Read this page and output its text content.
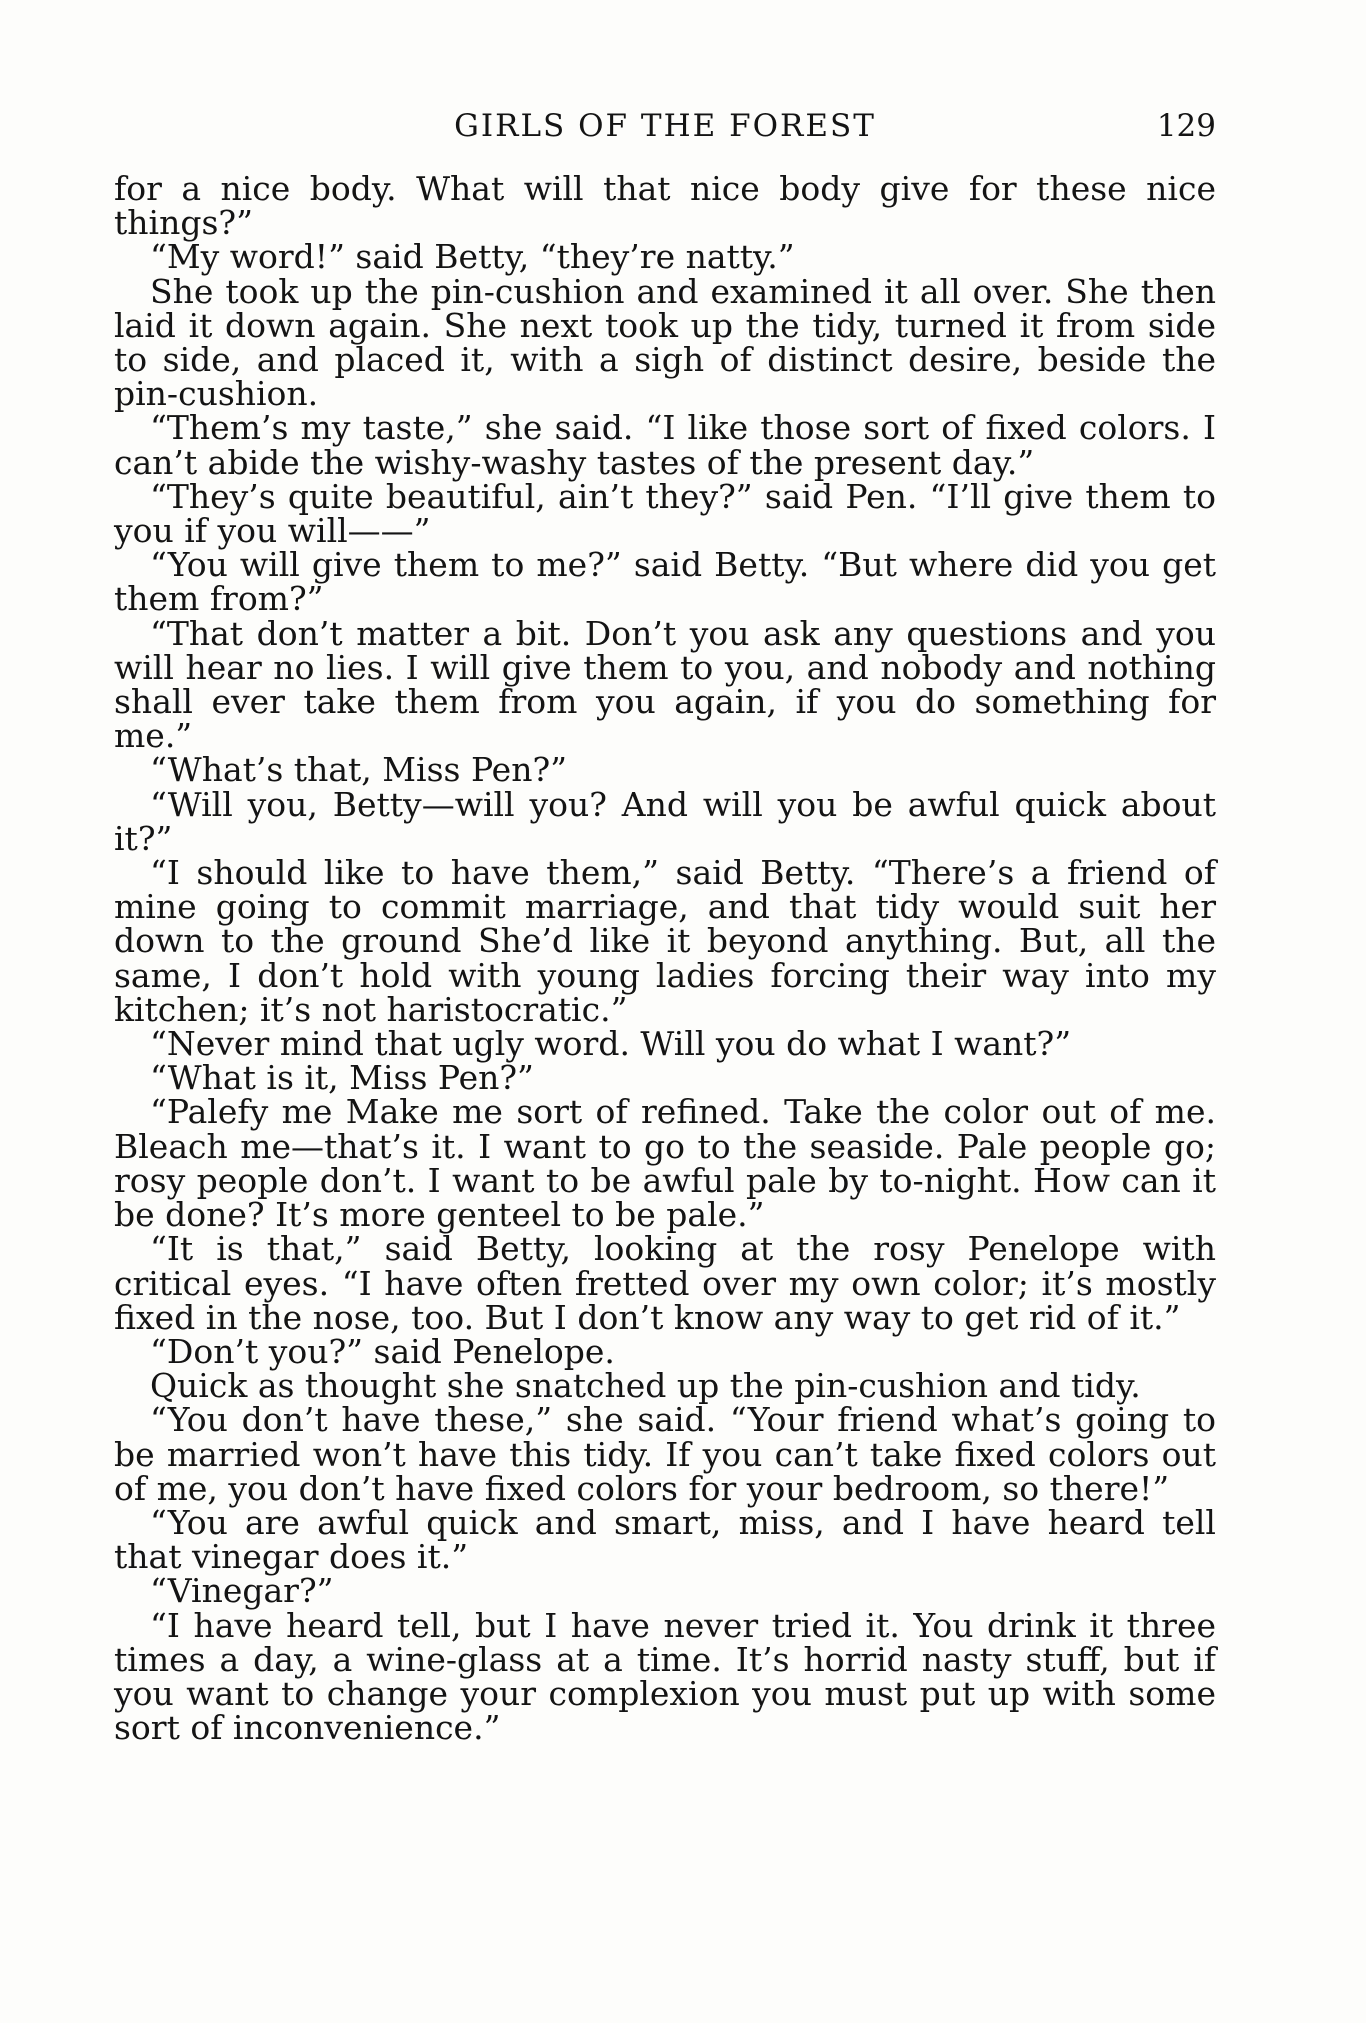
GIRLS OF THE FOREST	129

for a nice body. What will that nice body give for these nice things?”

“My word!” said Betty, “they’re natty.”

She took up the pin-cushion and examined it all over. She then laid it down again. She next took up the tidy, turned it from side to side, and placed it, with a sigh of distinct desire, beside the pin-cushion.

“Them’s my taste,” she said. “I like those sort of fixed colors. I can’t abide the wishy-washy tastes of the present day.”

“They’s quite beautiful, ain’t they?” said Pen. “I’ll give them to you if you will——”

“You will give them to me?” said Betty. “But where did you get them from?”

“That don’t matter a bit. Don’t you ask any questions and you will hear no lies. I will give them to you, and nobody and nothing shall ever take them from you again, if you do something for me.”

“What’s that, Miss Pen?”

“Will you, Betty—will you? And will you be awful quick about it?”

“I should like to have them,” said Betty. “There’s a friend of mine going to commit marriage, and that tidy would suit her down to the ground She’d like it beyond anything. But, all the same, I don’t hold with young ladies forcing their way into my kitchen; it’s not haristocratic.”

“Never mind that ugly word. Will you do what I want?”

“What is it, Miss Pen?”

“Palefy me Make me sort of refined. Take the color out of me. Bleach me—that’s it. I want to go to the seaside. Pale people go; rosy people don’t. I want to be awful pale by to-night. How can it be done? It’s more genteel to be pale.”

“It is that,” said Betty, looking at the rosy Penelope with critical eyes. “I have often fretted over my own color; it’s mostly fixed in the nose, too. But I don’t know any way to get rid of it.”

“Don’t you?” said Penelope.

Quick as thought she snatched up the pin-cushion and tidy.

“You don’t have these,” she said. “Your friend what’s going to be married won’t have this tidy. If you can’t take fixed colors out of me, you don’t have fixed colors for your bedroom, so there!”

“You are awful quick and smart, miss, and I have heard tell that vinegar does it.”

“Vinegar?”

“I have heard tell, but I have never tried it. You drink it three times a day, a wine-glass at a time. It’s horrid nasty stuff, but if you want to change your complexion you must put up with some sort of inconvenience.”
